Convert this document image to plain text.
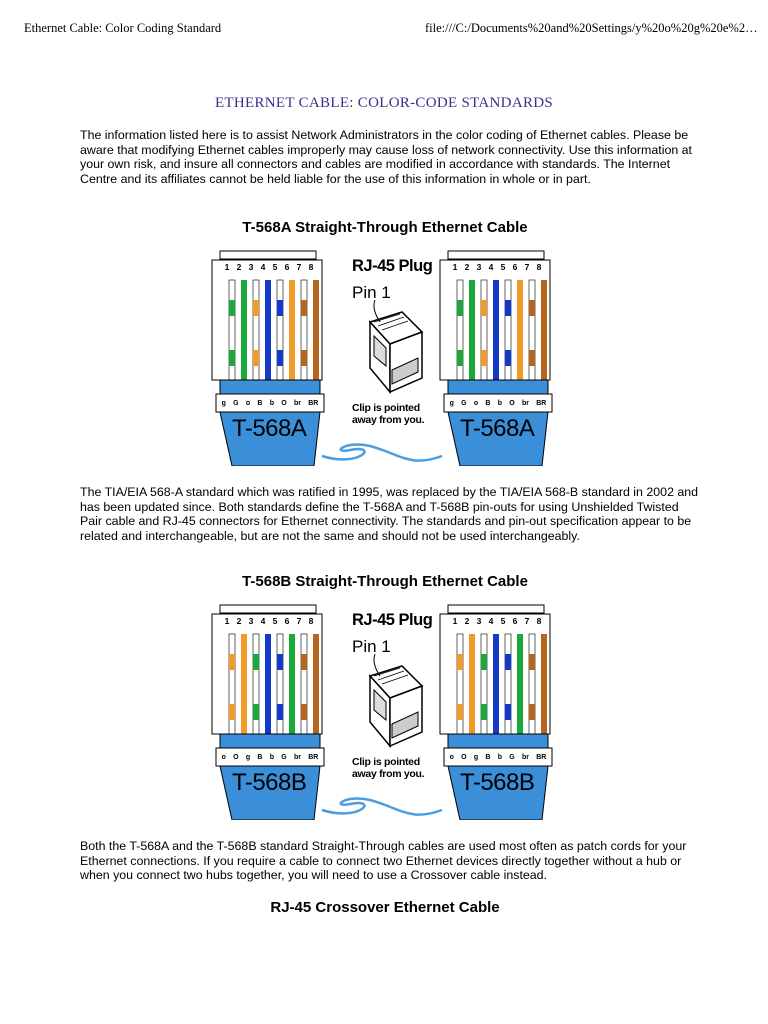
Ethernet Cable: Color Coding Standard	file:///C:/Documents%20and%20Settings/y%20o%20g%20e%2…
ETHERNET CABLE: COLOR-CODE STANDARDS

The information listed here is to assist Network Administrators in the color coding of Ethernet cables. Please be aware that modifying Ethernet cables improperly may cause loss of network connectivity. Use this information at your own risk, and insure all connectors and cables are modified in accordance with standards. The Internet Centre and its affiliates cannot be held liable for the use of this information in whole or in part.

T-568A Straight-Through Ethernet Cable
1 2 3 4 5 6 7 8
g G o B b O br BR
T-568A
RJ-45 Plug
Pin 1
Clip is pointed away from you.
1 2 3 4 5 6 7 8
g G o B b O br BR
T-568A

The TIA/EIA 568-A standard which was ratified in 1995, was replaced by the TIA/EIA 568-B standard in 2002 and has been updated since. Both standards define the T-568A and T-568B pin-outs for using Unshielded Twisted Pair cable and RJ-45 connectors for Ethernet connectivity. The standards and pin-out specification appear to be related and interchangeable, but are not the same and should not be used interchangeably.

T-568B Straight-Through Ethernet Cable
1 2 3 4 5 6 7 8
o O g B b G br BR
T-568B
RJ-45 Plug
Pin 1
Clip is pointed away from you.
1 2 3 4 5 6 7 8
o O g B b G br BR
T-568B

Both the T-568A and the T-568B standard Straight-Through cables are used most often as patch cords for your Ethernet connections. If you require a cable to connect two Ethernet devices directly together without a hub or when you connect two hubs together, you will need to use a Crossover cable instead.

RJ-45 Crossover Ethernet Cable
